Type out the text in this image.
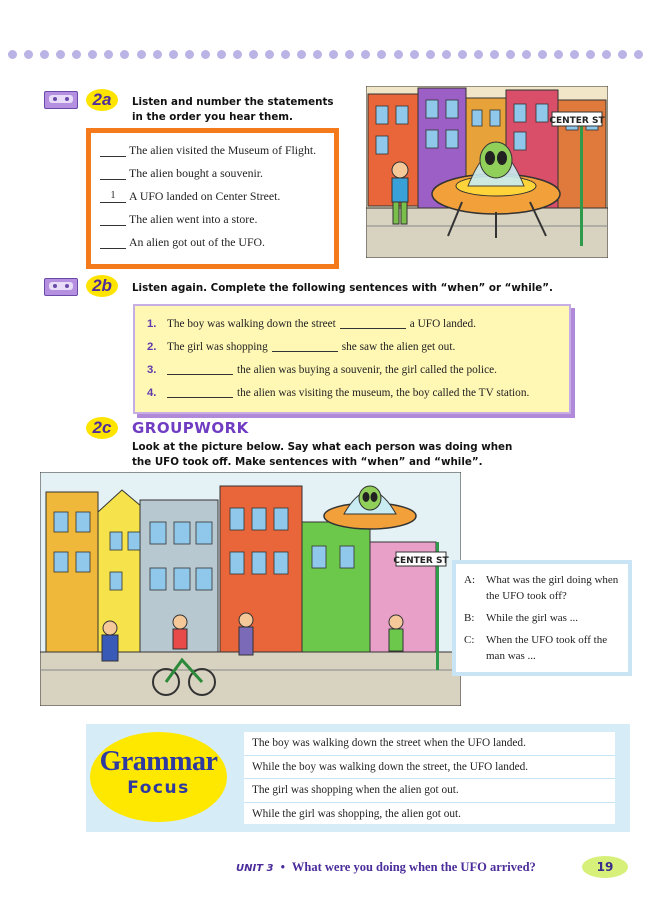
2a	Listen and number the statements
in the order you hear them.
The alien visited the Museum of Flight.
The alien bought a souvenir.
1	A UFO landed on Center Street.
The alien went into a store.
An alien got out of the UFO.
CENTER ST
2b	Listen again. Complete the following sentences with “when” or “while”.
1. The boy was walking down the street	a UFO landed.
2. The girl was shopping	she saw the alien get out.
3.	the alien was buying a souvenir, the girl called the police.
4.	the alien was visiting the museum, the boy called the TV station.
2c	GROUPWORK
Look at the picture below. Say what each person was doing when
the UFO took off. Make sentences with “when” and “while”.
CENTER ST
A:	What was the girl doing when the UFO took off?
B:	While the girl was ...
C:	When the UFO took off the man was ...
Grammar
Focus
The boy was walking down the street when the UFO landed.
While the boy was walking down the street, the UFO landed.
The girl was shopping when the alien got out.
While the girl was shopping, the alien got out.
UNIT 3 • What were you doing when the UFO arrived?	19
